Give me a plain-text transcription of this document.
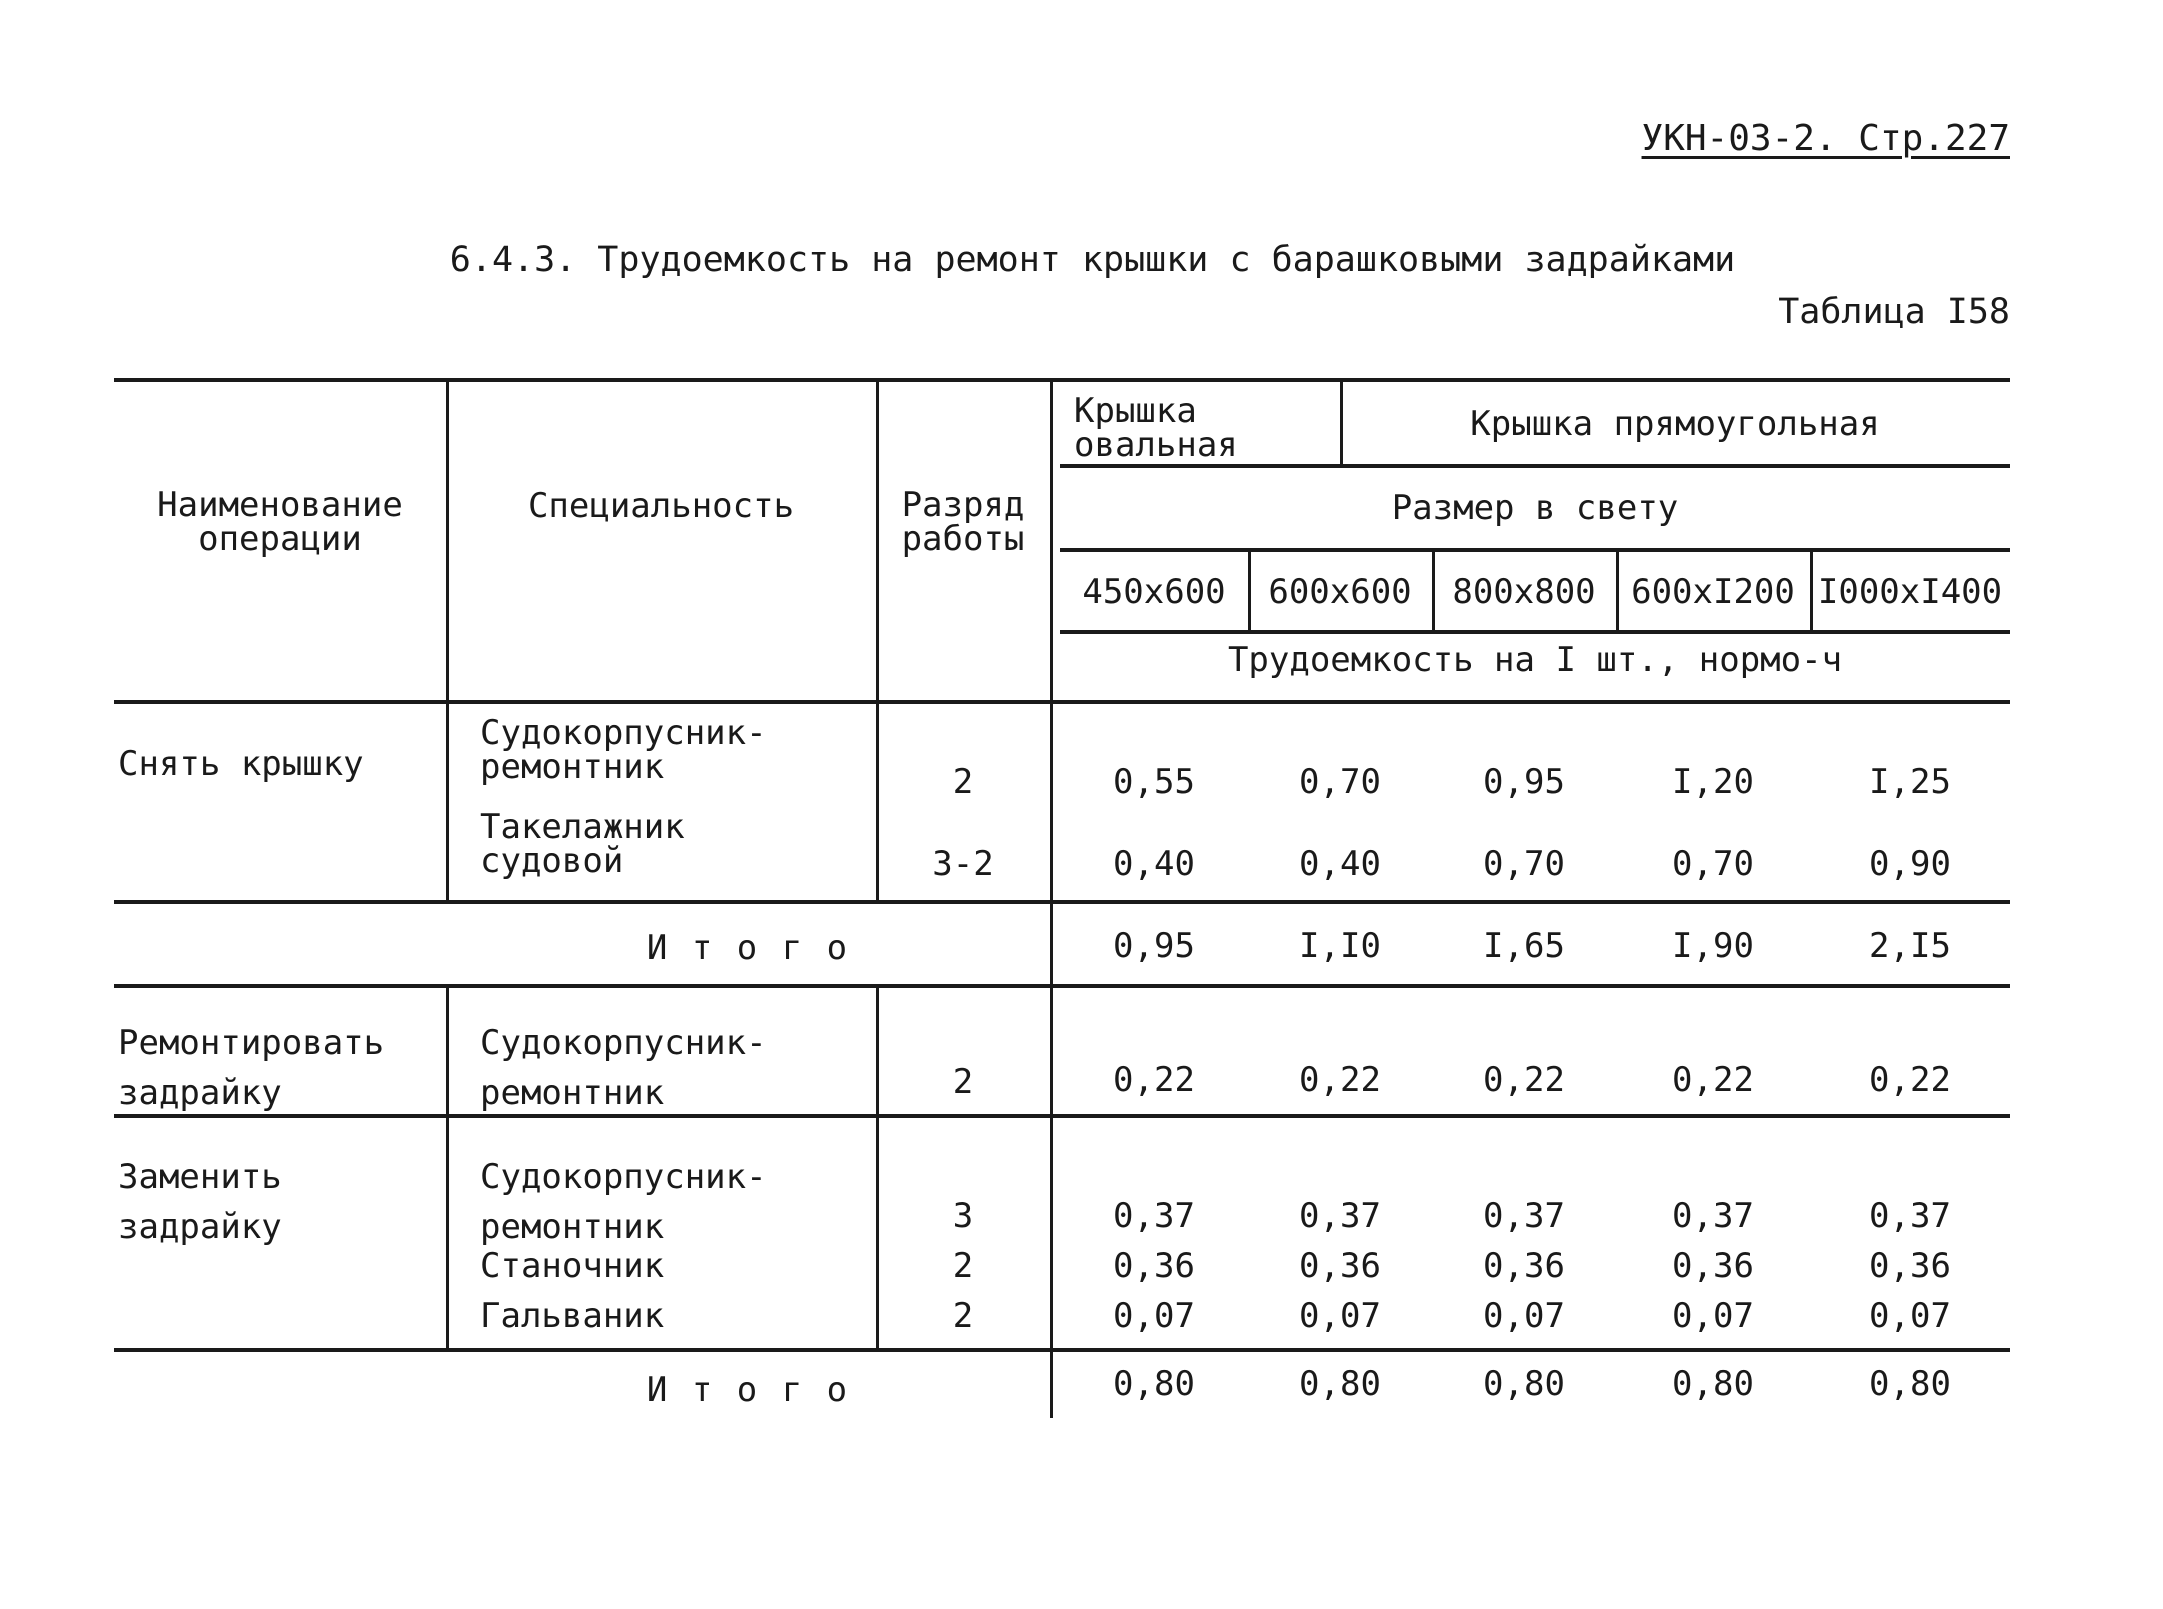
УКН-03-2. Стр.227
6.4.3. Трудоемкость на ремонт крышки с барашковыми задрайками
Таблица I58
Наименование
операции
Специальность	Разряд
работы
Крышка
овальная
Крышка прямоугольная
Размер в свету
450х600	600х600	800х800	600хI200 I000хI400
Трудоемкость на I шт., нормо-ч
Снять крышку
Судокорпусник-
ремонтник	2	0,55	0,70	0,95	I,20	I,25
Такелажник
судовой	3-2	0,40	0,40	0,70	0,70	0,90
И т о г о	0,95	I,I0	I,65	I,90	2,I5
Ремонтировать
задрайку
Судокорпусник-
ремонтник	2	0,22	0,22	0,22	0,22	0,22
Заменить
задрайку
Судокорпусник-
ремонтник	3	0,37	0,37	0,37	0,37	0,37
Станочник	2	0,36	0,36	0,36	0,36	0,36
Гальваник	2	0,07	0,07	0,07	0,07	0,07
И т о г о	0,80	0,80	0,80	0,80	0,80
